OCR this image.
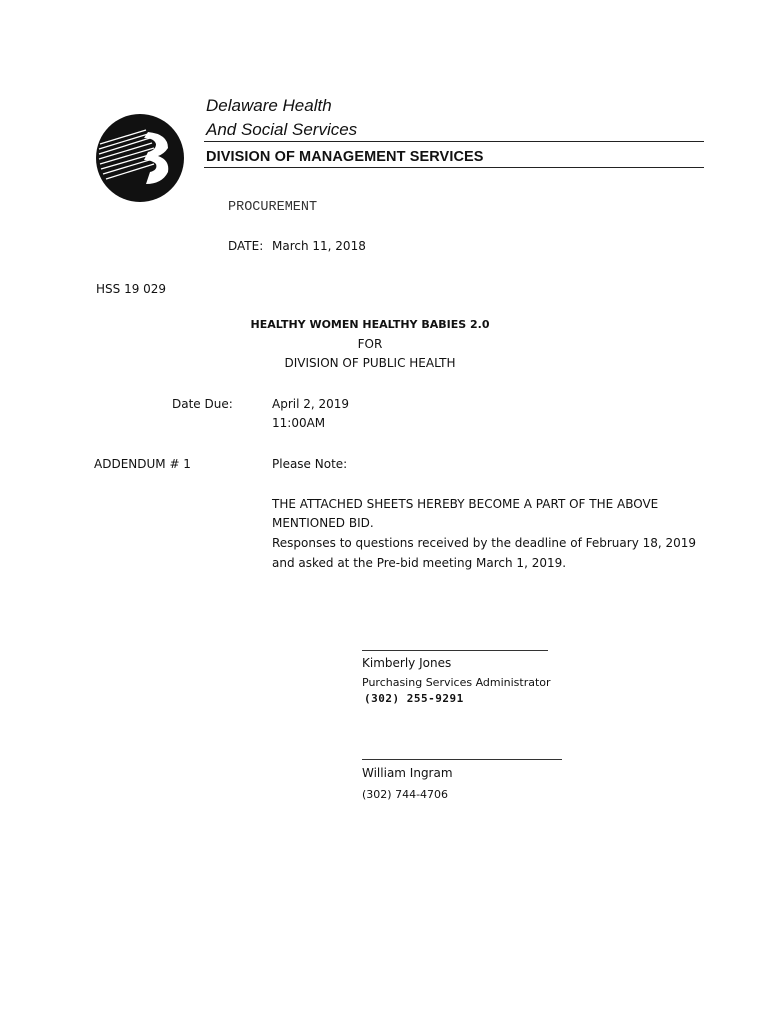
Delaware Health
And Social Services
DIVISION OF MANAGEMENT SERVICES
PROCUREMENT
DATE: March 11, 2018
HSS 19 029
HEALTHY WOMEN HEALTHY BABIES 2.0
FOR
DIVISION OF PUBLIC HEALTH
Date Due:	April 2, 2019
11:00AM
ADDENDUM # 1	Please Note:
THE ATTACHED SHEETS HEREBY BECOME A PART OF THE ABOVE
MENTIONED BID.
Responses to questions received by the deadline of February 18, 2019
and asked at the Pre-bid meeting March 1, 2019.
Kimberly Jones
Purchasing Services Administrator
(302) 255-9291
William Ingram
(302) 744-4706
